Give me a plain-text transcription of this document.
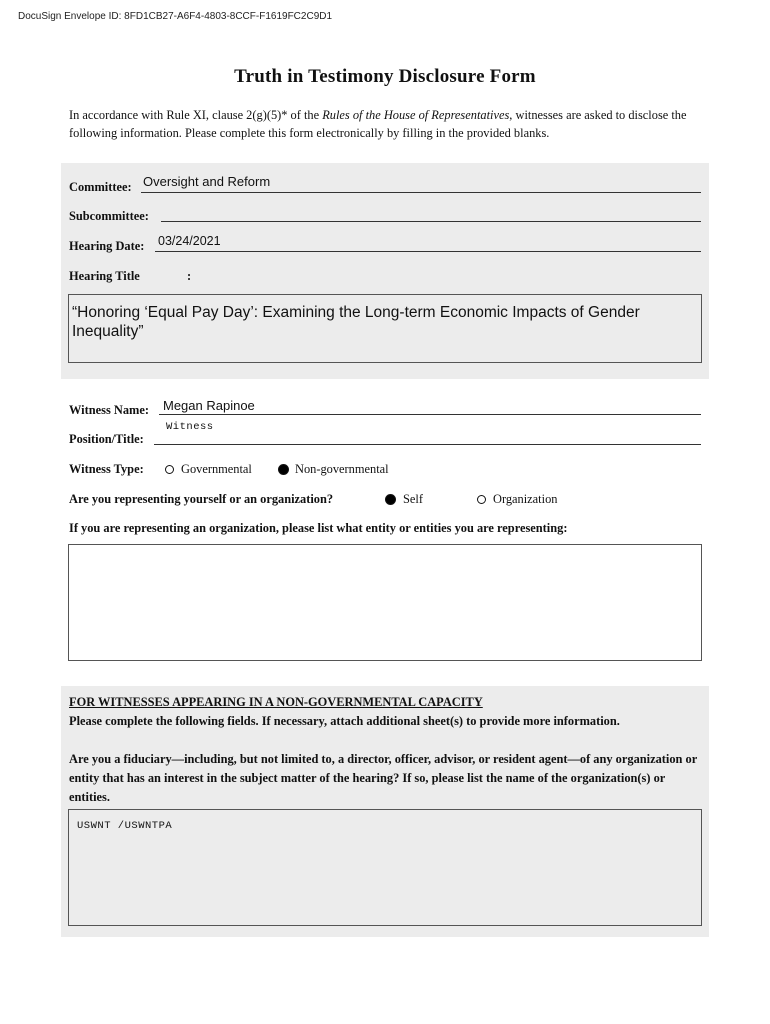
DocuSign Envelope ID: 8FD1CB27-A6F4-4803-8CCF-F1619FC2C9D1
Truth in Testimony Disclosure Form
In accordance with Rule XI, clause 2(g)(5)* of the Rules of the House of Representatives, witnesses are asked to disclose the following information. Please complete this form electronically by filling in the provided blanks.
Committee: Oversight and Reform
Subcommittee:
Hearing Date: 03/24/2021
Hearing Title	:
“Honoring ‘Equal Pay Day’: Examining the Long-term Economic Impacts of Gender Inequality”
Witness Name: Megan Rapinoe
Position/Title:
Witness
Witness Type:	Governmental	Non-governmental
Are you representing yourself or an organization?	Self	Organization
If you are representing an organization, please list what entity or entities you are representing:
FOR WITNESSES APPEARING IN A NON-GOVERNMENTAL CAPACITY
Please complete the following fields. If necessary, attach additional sheet(s) to provide more information.
Are you a fiduciary—including, but not limited to, a director, officer, advisor, or resident agent—of any organization or entity that has an interest in the subject matter of the hearing? If so, please list the name of the organization(s) or entities.
USWNT /USWNTPA
